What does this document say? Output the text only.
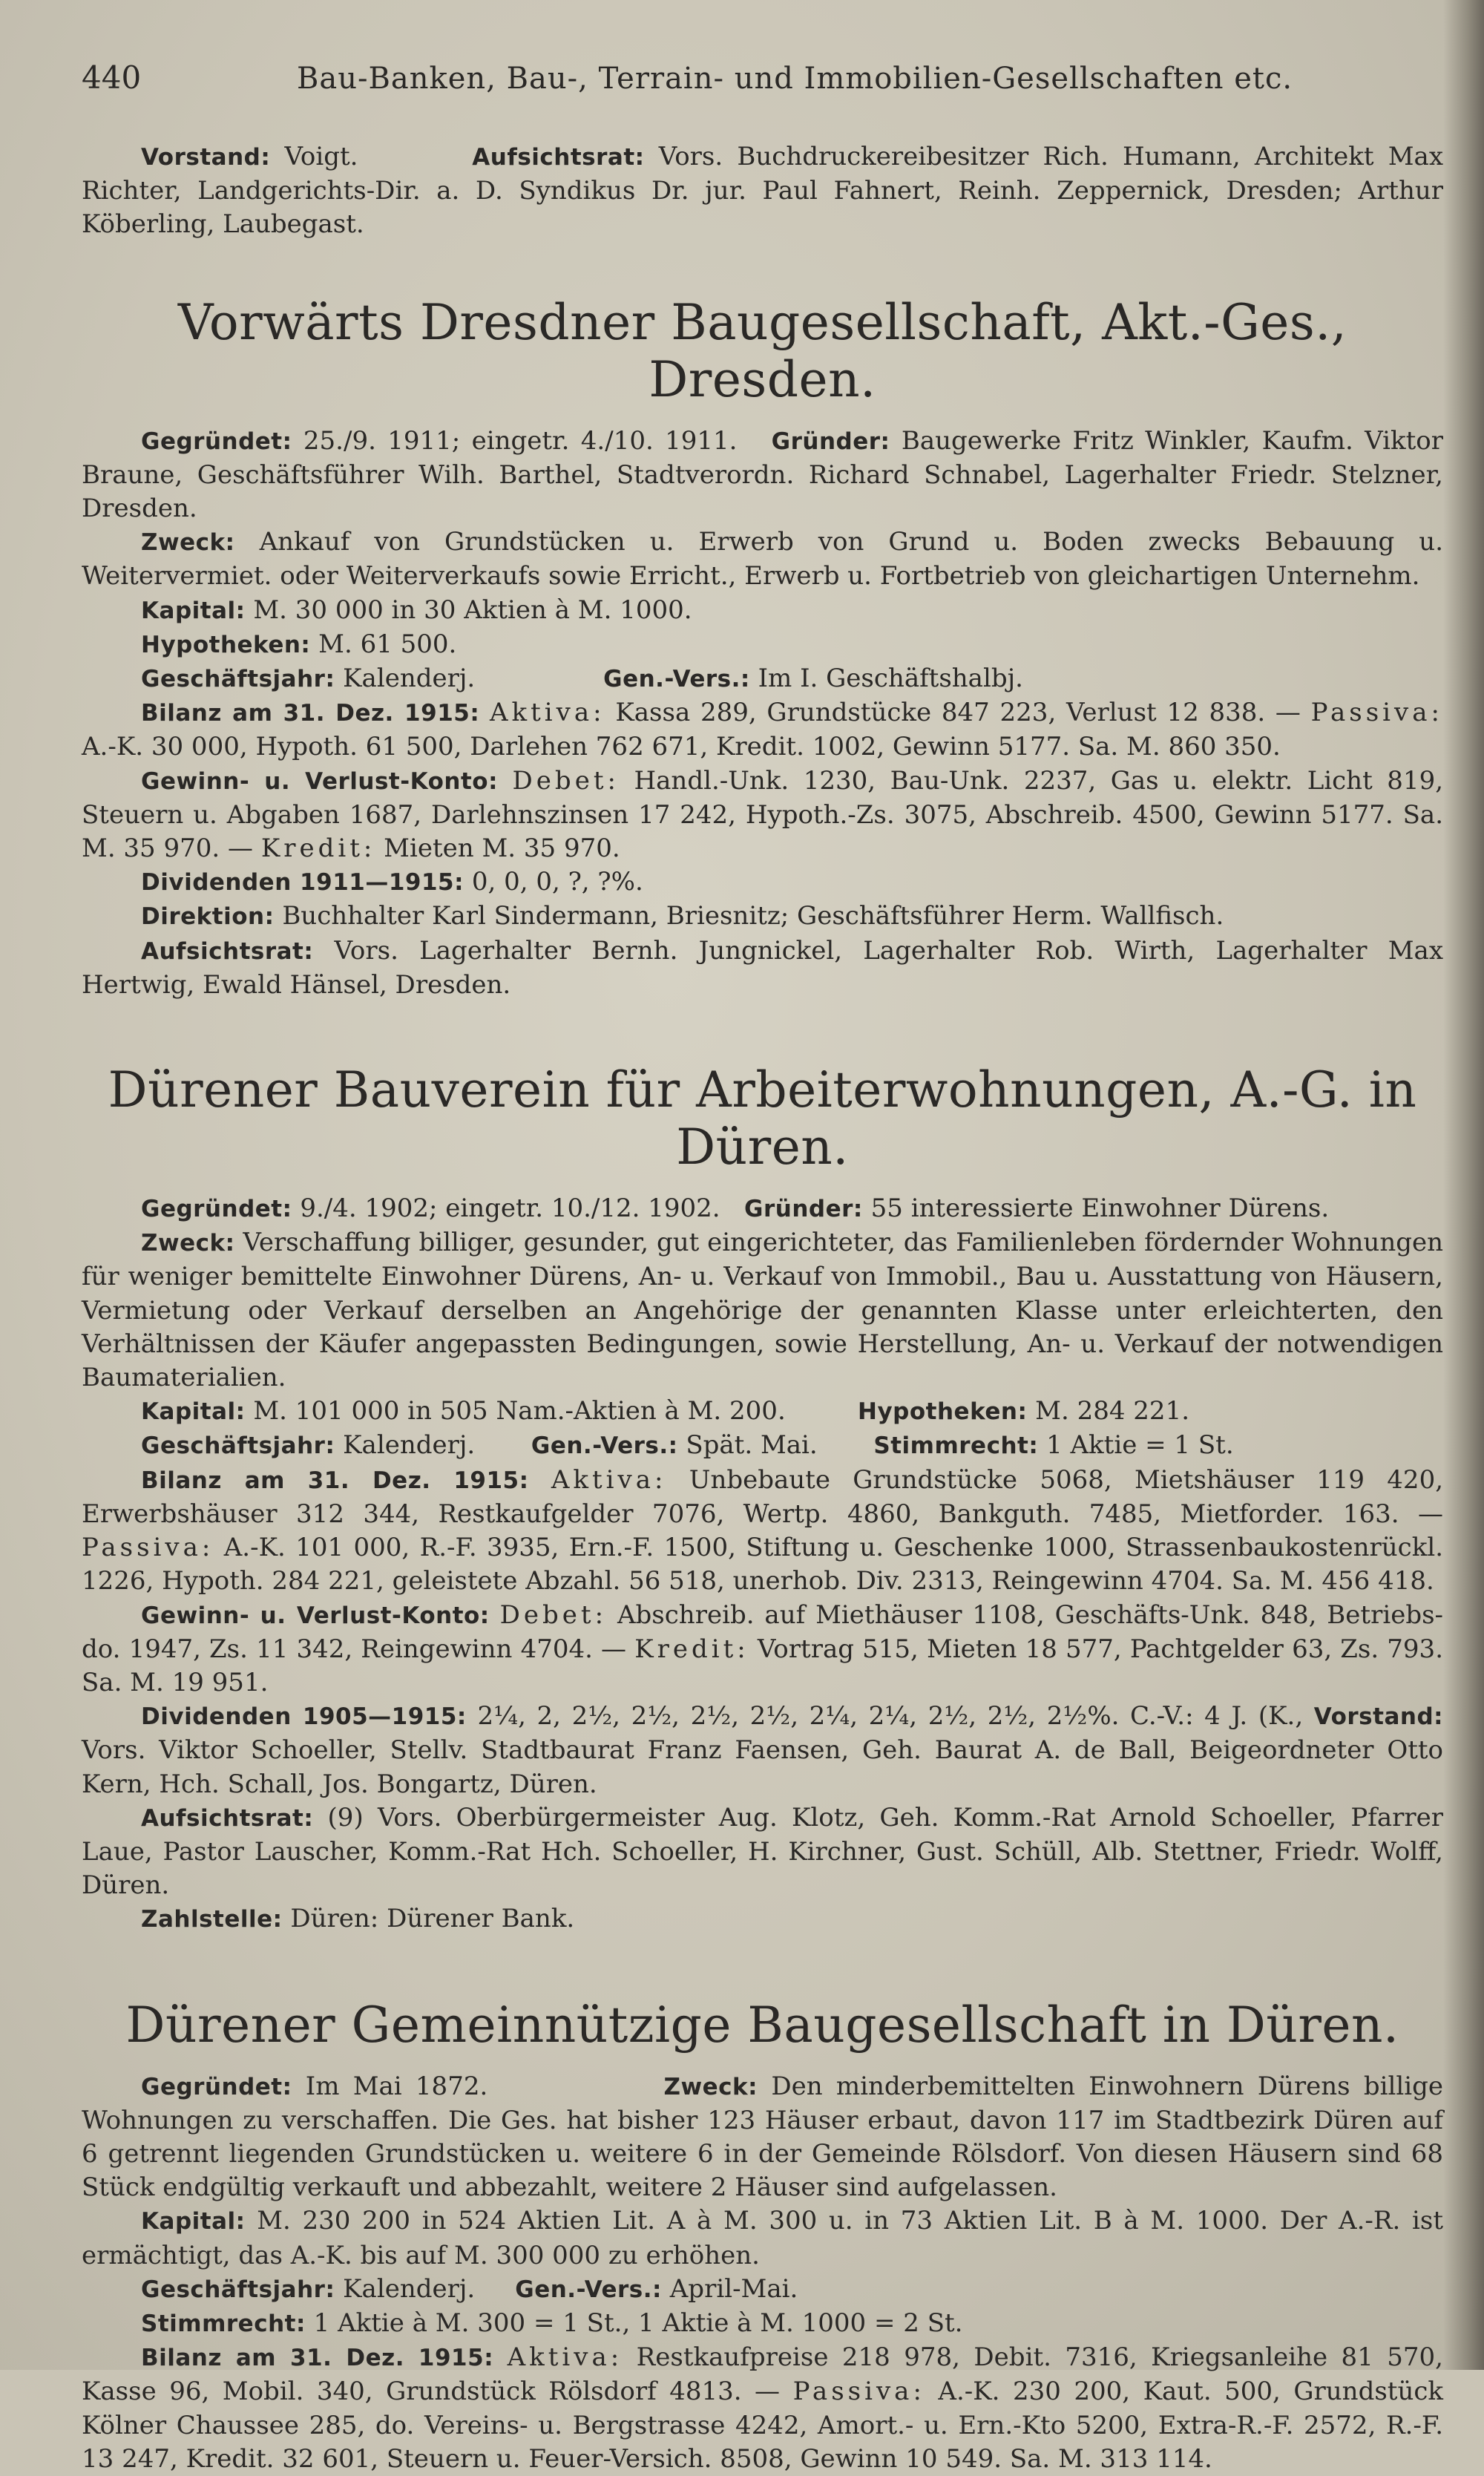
440	Bau-Banken, Bau-, Terrain- und Immobilien-Gesellschaften etc.

Vorstand: Voigt.	Aufsichtsrat: Vors. Buchdruckereibesitzer Rich. Humann, Architekt Max Richter, Landgerichts-Dir. a. D. Syndikus Dr. jur. Paul Fahnert, Reinh. Zeppernick, Dresden; Arthur Köberling, Laubegast.

Vorwärts Dresdner Baugesellschaft, Akt.-Ges., Dresden.

Gegründet: 25./9. 1911; eingetr. 4./10. 1911. Gründer: Baugewerke Fritz Winkler, Kaufm. Viktor Braune, Geschäftsführer Wilh. Barthel, Stadtverordn. Richard Schnabel, Lagerhalter Friedr. Stelzner, Dresden.

Zweck: Ankauf von Grundstücken u. Erwerb von Grund u. Boden zwecks Bebauung u. Weitervermiet. oder Weiterverkaufs sowie Erricht., Erwerb u. Fortbetrieb von gleichartigen Unternehm.

Kapital: M. 30 000 in 30 Aktien à M. 1000.

Hypotheken: M. 61 500.

Geschäftsjahr: Kalenderj.	Gen.-Vers.: Im I. Geschäftshalbj.

Bilanz am 31. Dez. 1915: Aktiva: Kassa 289, Grundstücke 847 223, Verlust 12 838. — Passiva: A.-K. 30 000, Hypoth. 61 500, Darlehen 762 671, Kredit. 1002, Gewinn 5177. Sa. M. 860 350.

Gewinn- u. Verlust-Konto: Debet: Handl.-Unk. 1230, Bau-Unk. 2237, Gas u. elektr. Licht 819, Steuern u. Abgaben 1687, Darlehnszinsen 17 242, Hypoth.-Zs. 3075, Abschreib. 4500, Gewinn 5177. Sa. M. 35 970. — Kredit: Mieten M. 35 970.

Dividenden 1911—1915: 0, 0, 0, ?, ?%.

Direktion: Buchhalter Karl Sindermann, Briesnitz; Geschäftsführer Herm. Wallfisch.

Aufsichtsrat: Vors. Lagerhalter Bernh. Jungnickel, Lagerhalter Rob. Wirth, Lagerhalter Max Hertwig, Ewald Hänsel, Dresden.

Dürener Bauverein für Arbeiterwohnungen, A.-G. in Düren.

Gegründet: 9./4. 1902; eingetr. 10./12. 1902. Gründer: 55 interessierte Einwohner Dürens.

Zweck: Verschaffung billiger, gesunder, gut eingerichteter, das Familienleben fördernder Wohnungen für weniger bemittelte Einwohner Dürens, An- u. Verkauf von Immobil., Bau u. Ausstattung von Häusern, Vermietung oder Verkauf derselben an Angehörige der genannten Klasse unter erleichterten, den Verhältnissen der Käufer angepassten Bedingungen, sowie Herstellung, An- u. Verkauf der notwendigen Baumaterialien.

Kapital: M. 101 000 in 505 Nam.-Aktien à M. 200.	Hypotheken: M. 284 221.

Geschäftsjahr: Kalenderj. Gen.-Vers.: Spät. Mai. Stimmrecht: 1 Aktie = 1 St.

Bilanz am 31. Dez. 1915: Aktiva: Unbebaute Grundstücke 5068, Mietshäuser 119 420, Erwerbshäuser 312 344, Restkaufgelder 7076, Wertp. 4860, Bankguth. 7485, Mietforder. 163. — Passiva: A.-K. 101 000, R.-F. 3935, Ern.-F. 1500, Stiftung u. Geschenke 1000, Strassenbaukostenrückl. 1226, Hypoth. 284 221, geleistete Abzahl. 56 518, unerhob. Div. 2313, Reingewinn 4704. Sa. M. 456 418.

Gewinn- u. Verlust-Konto: Debet: Abschreib. auf Miethäuser 1108, Geschäfts-Unk. 848, Betriebs- do. 1947, Zs. 11 342, Reingewinn 4704. — Kredit: Vortrag 515, Mieten 18 577, Pachtgelder 63, Zs. 793. Sa. M. 19 951.

Dividenden 1905—1915: 2¼, 2, 2½, 2½, 2½, 2½, 2¼, 2¼, 2½, 2½, 2½%. C.-V.: 4 J. (K., Vorstand: Vors. Viktor Schoeller, Stellv. Stadtbaurat Franz Faensen, Geh. Baurat A. de Ball, Beigeordneter Otto Kern, Hch. Schall, Jos. Bongartz, Düren.

Aufsichtsrat: (9) Vors. Oberbürgermeister Aug. Klotz, Geh. Komm.-Rat Arnold Schoeller, Pfarrer Laue, Pastor Lauscher, Komm.-Rat Hch. Schoeller, H. Kirchner, Gust. Schüll, Alb. Stettner, Friedr. Wolff, Düren.

Zahlstelle: Düren: Dürener Bank.

Dürener Gemeinnützige Baugesellschaft in Düren.

Gegründet: Im Mai 1872.	Zweck: Den minderbemittelten Einwohnern Dürens billige Wohnungen zu verschaffen. Die Ges. hat bisher 123 Häuser erbaut, davon 117 im Stadtbezirk Düren auf 6 getrennt liegenden Grundstücken u. weitere 6 in der Gemeinde Rölsdorf. Von diesen Häusern sind 68 Stück endgültig verkauft und abbezahlt, weitere 2 Häuser sind aufgelassen.

Kapital: M. 230 200 in 524 Aktien Lit. A à M. 300 u. in 73 Aktien Lit. B à M. 1000. Der A.-R. ist ermächtigt, das A.-K. bis auf M. 300 000 zu erhöhen.

Geschäftsjahr: Kalenderj. Gen.-Vers.: April-Mai.

Stimmrecht: 1 Aktie à M. 300 = 1 St., 1 Aktie à M. 1000 = 2 St.

Bilanz am 31. Dez. 1915: Aktiva: Restkaufpreise 218 978, Debit. 7316, Kriegsanleihe 81 570, Kasse 96, Mobil. 340, Grundstück Rölsdorf 4813. — Passiva: A.-K. 230 200, Kaut. 500, Grundstück Kölner Chaussee 285, do. Vereins- u. Bergstrasse 4242, Amort.- u. Ern.-Kto 5200, Extra-R.-F. 2572, R.-F. 13 247, Kredit. 32 601, Steuern u. Feuer-Versich. 8508, Gewinn 10 549. Sa. M. 313 114.
